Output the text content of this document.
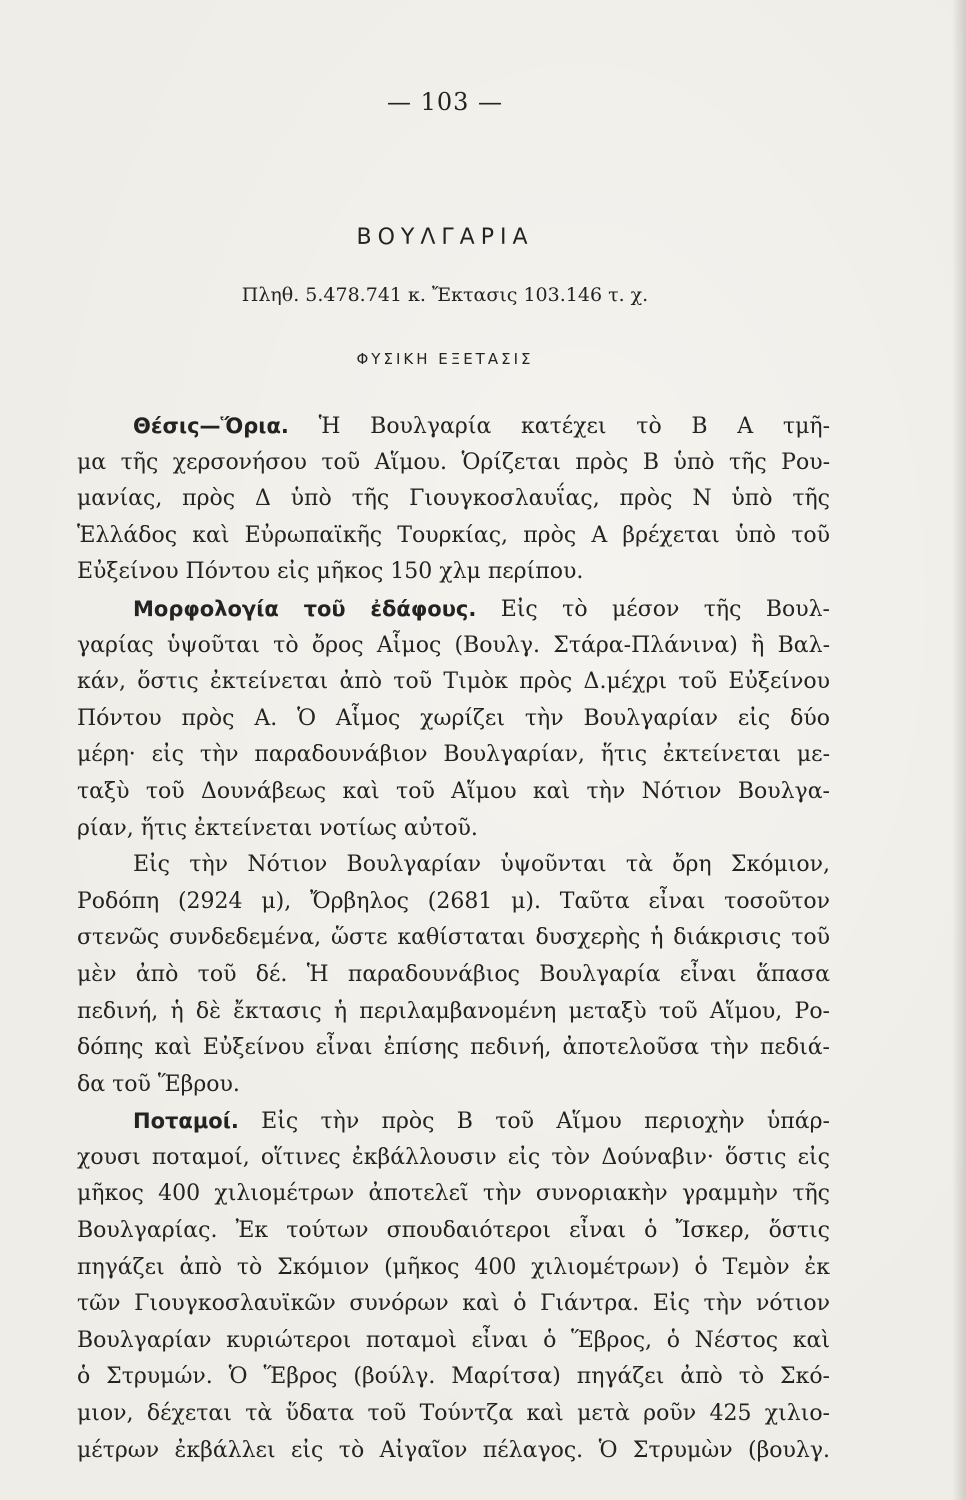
— 103 —
ΒΟΥΛΓΑΡΙΑ
Πληθ. 5.478.741 κ. Ἔκτασις 103.146 τ. χ.
ΦΥΣΙΚΗ ΕΞΕΤΑΣΙΣ
Θέσις—Ὅρια. Ἡ Βουλγαρία κατέχει τὸ Β Α τμῆ-
μα τῆς χερσονήσου τοῦ Αἵμου. Ὁρίζεται πρὸς Β ὑπὸ τῆς Ρου-
μανίας, πρὸς Δ ὑπὸ τῆς Γιουγκοσλαυΐας, πρὸς Ν ὑπὸ τῆς
Ἑλλάδος καὶ Εὐρωπαϊκῆς Τουρκίας, πρὸς Α βρέχεται ὑπὸ τοῦ
Εὐξείνου Πόντου εἰς μῆκος 150 χλμ περίπου.
Μορφολογία τοῦ ἐδάφους. Εἰς τὸ μέσον τῆς Βουλ-
γαρίας ὑψοῦται τὸ ὄρος Αἷμος (Βουλγ. Στάρα-Πλάνινα) ἢ Βαλ-
κάν, ὅστις ἐκτείνεται ἀπὸ τοῦ Τιμὸκ πρὸς Δ.μέχρι τοῦ Εὐξείνου
Πόντου πρὸς Α. Ὁ Αἷμος χωρίζει τὴν Βουλγαρίαν εἰς δύο
μέρη· εἰς τὴν παραδουνάβιον Βουλγαρίαν, ἥτις ἐκτείνεται με-
ταξὺ τοῦ Δουνάβεως καὶ τοῦ Αἵμου καὶ τὴν Νότιον Βουλγα-
ρίαν, ἥτις ἐκτείνεται νοτίως αὐτοῦ.
Εἰς τὴν Νότιον Βουλγαρίαν ὑψοῦνται τὰ ὄρη Σκόμιον,
Ροδόπη (2924 μ), Ὄρβηλος (2681 μ). Ταῦτα εἶναι τοσοῦτον
στενῶς συνδεδεμένα, ὥστε καθίσταται δυσχερὴς ἡ διάκρισις τοῦ
μὲν ἀπὸ τοῦ δέ. Ἡ παραδουνάβιος Βουλγαρία εἶναι ἅπασα
πεδινή, ἡ δὲ ἔκτασις ἡ περιλαμβανομένη μεταξὺ τοῦ Αἵμου, Ρο-
δόπης καὶ Εὐξείνου εἶναι ἐπίσης πεδινή, ἀποτελοῦσα τὴν πεδιά-
δα τοῦ Ἕβρου.
Ποταμοί. Εἰς τὴν πρὸς Β τοῦ Αἵμου περιοχὴν ὑπάρ-
χουσι ποταμοί, οἵτινες ἐκβάλλουσιν εἰς τὸν Δούναβιν· ὅστις εἰς
μῆκος 400 χιλιομέτρων ἀποτελεῖ τὴν συνοριακὴν γραμμὴν τῆς
Βουλγαρίας. Ἐκ τούτων σπουδαιότεροι εἶναι ὁ Ἴσκερ, ὅστις
πηγάζει ἀπὸ τὸ Σκόμιον (μῆκος 400 χιλιομέτρων) ὁ Τεμὸν ἐκ
τῶν Γιουγκοσλαυϊκῶν συνόρων καὶ ὁ Γιάντρα. Εἰς τὴν νότιον
Βουλγαρίαν κυριώτεροι ποταμοὶ εἶναι ὁ Ἕβρος, ὁ Νέστος καὶ
ὁ Στρυμών. Ὁ Ἕβρος (βούλγ. Μαρίτσα) πηγάζει ἀπὸ τὸ Σκό-
μιον, δέχεται τὰ ὕδατα τοῦ Τούντζα καὶ μετὰ ροῦν 425 χιλιο-
μέτρων ἐκβάλλει εἰς τὸ Αἰγαῖον πέλαγος. Ὁ Στρυμὼν (βουλγ.
